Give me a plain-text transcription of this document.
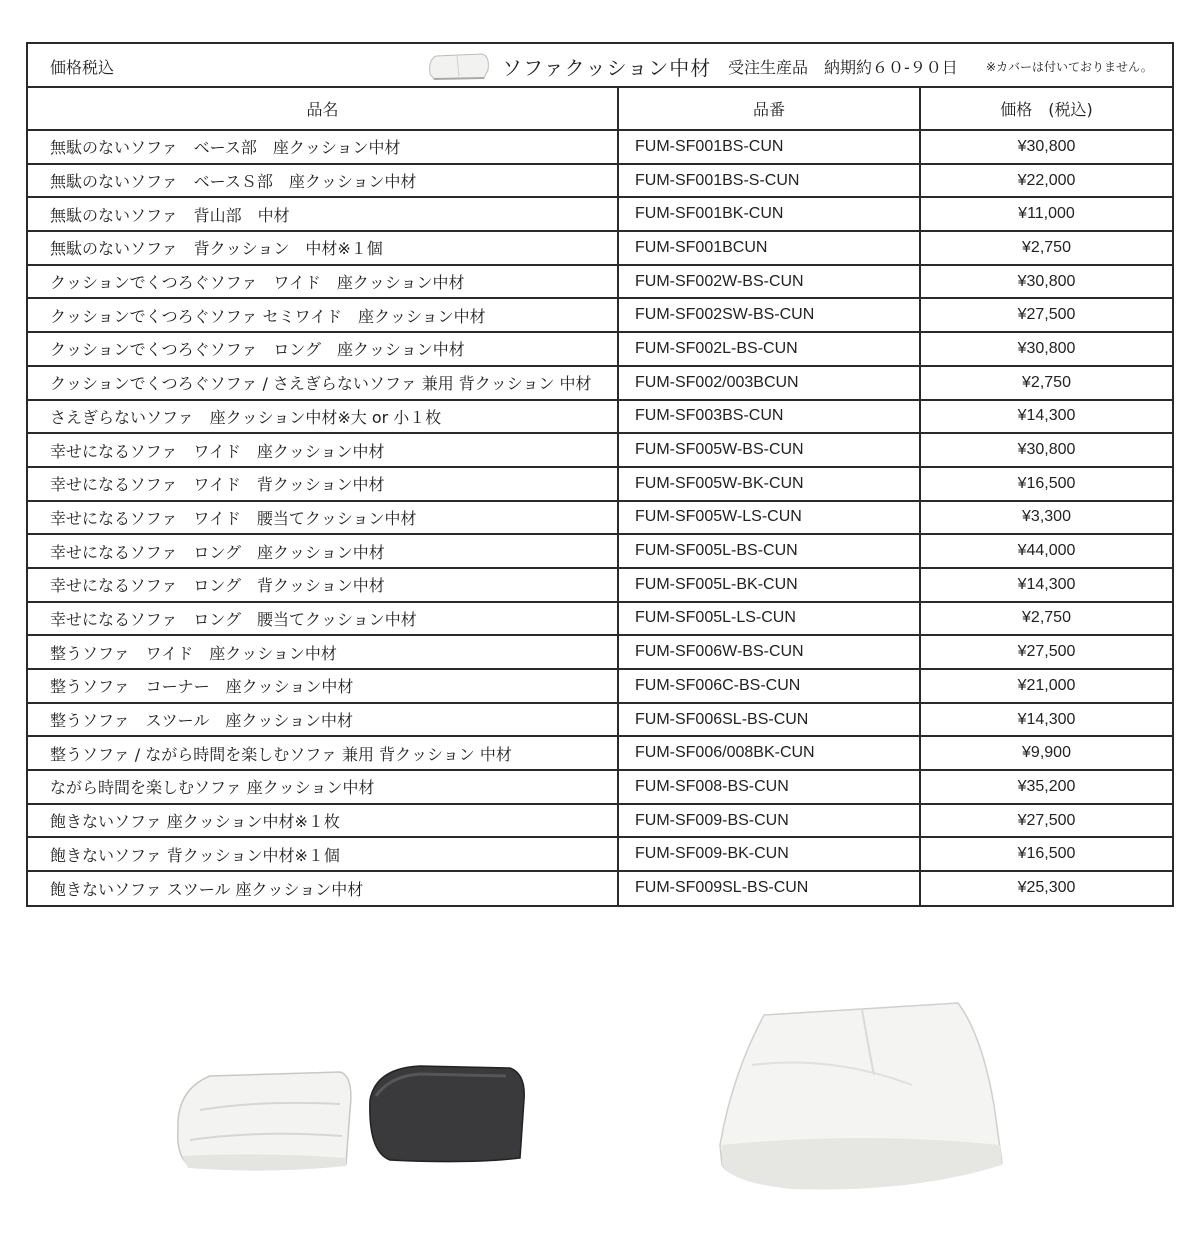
価格税込	ソファクッション中材 受注生産品　納期約６０-９０日 ※カバーは付いておりません。
品名	品番	価格　(税込)
無駄のないソファ　ベース部　座クッション中材	FUM-SF001BS-CUN	¥30,800
無駄のないソファ　ベースＳ部　座クッション中材	FUM-SF001BS-S-CUN	¥22,000
無駄のないソファ　背山部　中材	FUM-SF001BK-CUN	¥11,000
無駄のないソファ　背クッション　中材※１個	FUM-SF001BCUN	¥2,750
クッションでくつろぐソファ　ワイド　座クッション中材	FUM-SF002W-BS-CUN	¥30,800
クッションでくつろぐソファ セミワイド　座クッション中材	FUM-SF002SW-BS-CUN	¥27,500
クッションでくつろぐソファ　ロング　座クッション中材	FUM-SF002L-BS-CUN	¥30,800
クッションでくつろぐソファ / さえぎらないソファ 兼用 背クッション 中材	FUM-SF002/003BCUN	¥2,750
さえぎらないソファ　座クッション中材※大 or 小１枚	FUM-SF003BS-CUN	¥14,300
幸せになるソファ　ワイド　座クッション中材	FUM-SF005W-BS-CUN	¥30,800
幸せになるソファ　ワイド　背クッション中材	FUM-SF005W-BK-CUN	¥16,500
幸せになるソファ　ワイド　腰当てクッション中材	FUM-SF005W-LS-CUN	¥3,300
幸せになるソファ　ロング　座クッション中材	FUM-SF005L-BS-CUN	¥44,000
幸せになるソファ　ロング　背クッション中材	FUM-SF005L-BK-CUN	¥14,300
幸せになるソファ　ロング　腰当てクッション中材	FUM-SF005L-LS-CUN	¥2,750
整うソファ　ワイド　座クッション中材	FUM-SF006W-BS-CUN	¥27,500
整うソファ　コーナー　座クッション中材	FUM-SF006C-BS-CUN	¥21,000
整うソファ　スツール　座クッション中材	FUM-SF006SL-BS-CUN	¥14,300
整うソファ / ながら時間を楽しむソファ 兼用 背クッション 中材	FUM-SF006/008BK-CUN	¥9,900
ながら時間を楽しむソファ 座クッション中材	FUM-SF008-BS-CUN	¥35,200
飽きないソファ 座クッション中材※１枚	FUM-SF009-BS-CUN	¥27,500
飽きないソファ 背クッション中材※１個	FUM-SF009-BK-CUN	¥16,500
飽きないソファ スツール 座クッション中材	FUM-SF009SL-BS-CUN	¥25,300
